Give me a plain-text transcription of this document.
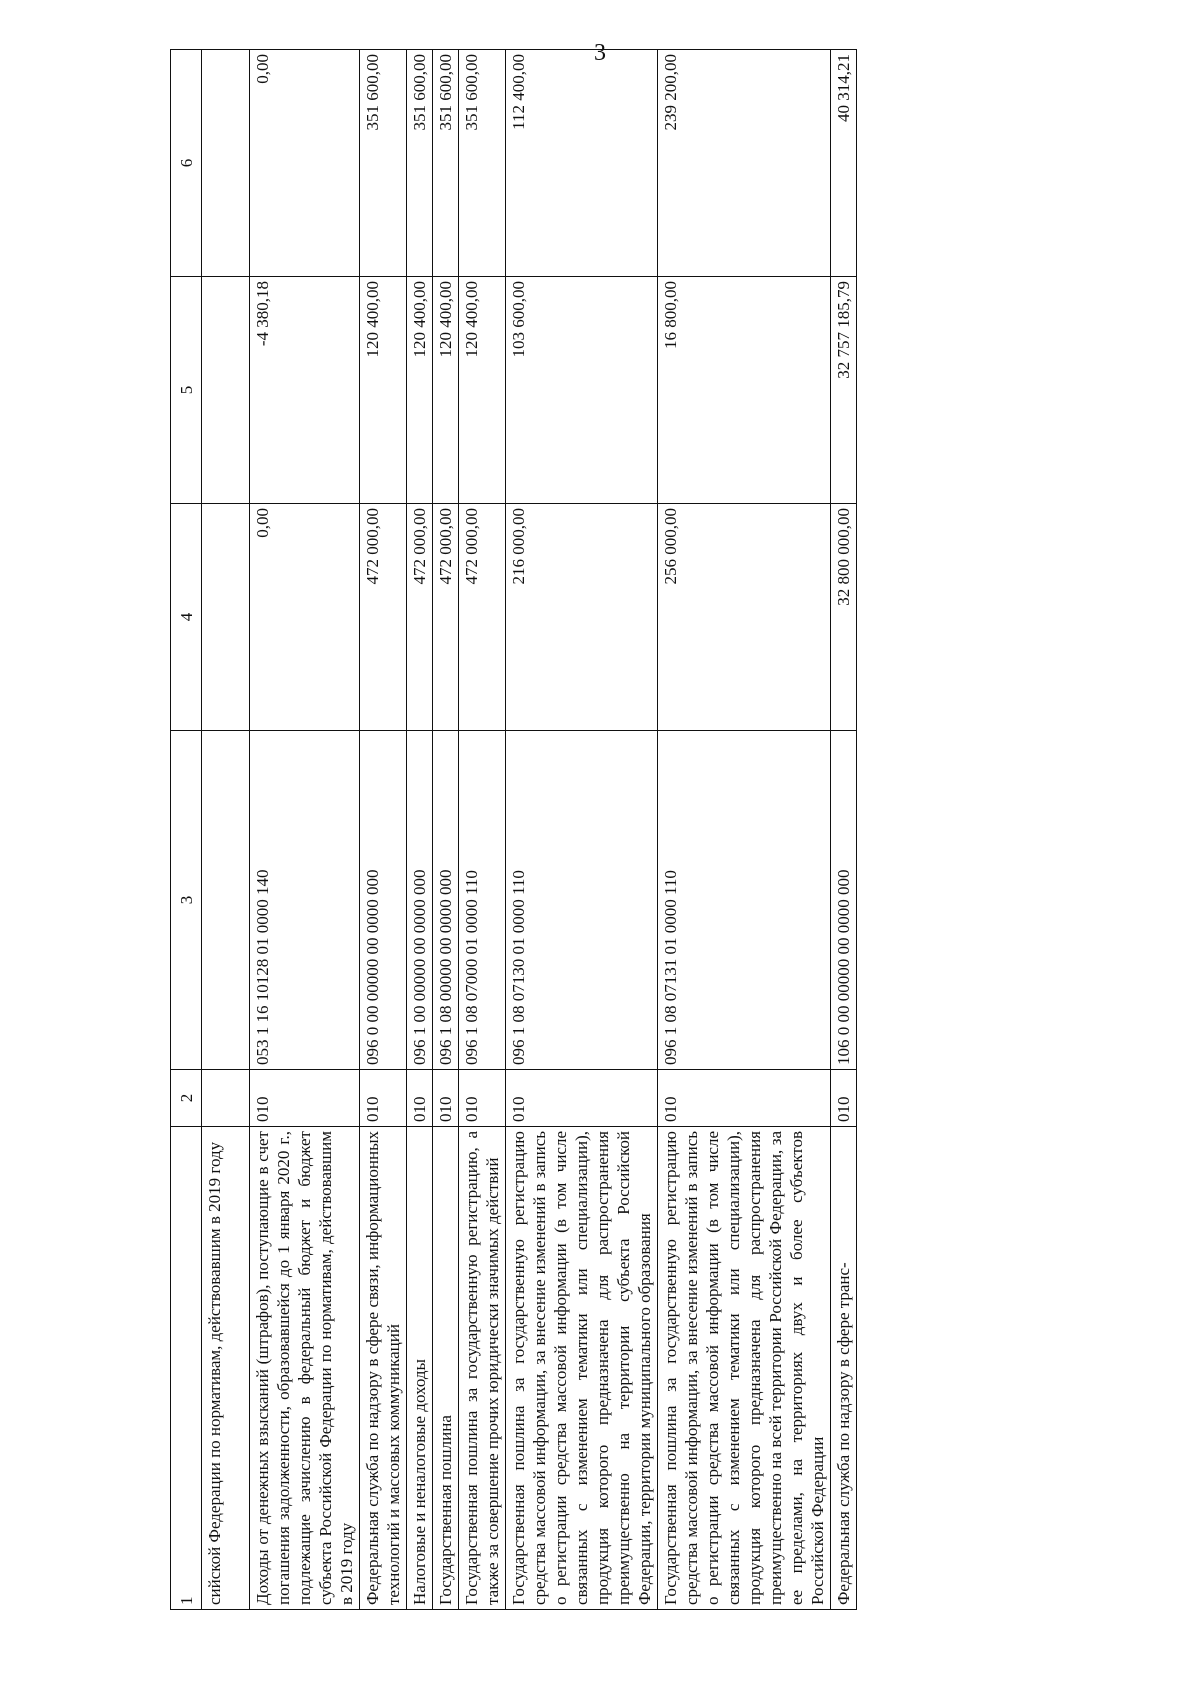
3
1	2	3	4	5	6
сийской Федерации по нормативам, действовавшим в 2019 году					
Доходы от денежных взысканий (штрафов), поступающие в счет погашения задолженности, образовавшейся до 1 января 2020 г., подлежащие зачислению в федеральный бюджет и бюджет субъекта Российской Федерации по нормативам, действовавшим в 2019 году	010	053 1 16 10128 01 0000 140	0,00	-4 380,18	0,00
Федеральная служба по надзору в сфере связи, информационных технологий и массовых коммуникаций	010	096 0 00 00000 00 0000 000	472 000,00	120 400,00	351 600,00
Налоговые и неналоговые доходы	010	096 1 00 00000 00 0000 000	472 000,00	120 400,00	351 600,00
Государственная пошлина	010	096 1 08 00000 00 0000 000	472 000,00	120 400,00	351 600,00
Государственная пошлина за государственную регистрацию, а также за совершение прочих юридически значимых действий	010	096 1 08 07000 01 0000 110	472 000,00	120 400,00	351 600,00
Государственная пошлина за государственную регистрацию средства массовой информации, за внесение изменений в запись о регистрации средства массовой информации (в том числе связанных с изменением тематики или специализации), продукция которого предназначена для распространения преимущественно на территории субъекта Российской Федерации, территории муниципального образования	010	096 1 08 07130 01 0000 110	216 000,00	103 600,00	112 400,00
Государственная пошлина за государственную регистрацию средства массовой информации, за внесение изменений в запись о регистрации средства массовой информации (в том числе связанных с изменением тематики или специализации), продукция которого предназначена для распространения преимущественно на всей территории Российской Федерации, за ее пределами, на территориях двух и более субъектов Российской Федерации	010	096 1 08 07131 01 0000 110	256 000,00	16 800,00	239 200,00
Федеральная служба по надзору в сфере транс-	010	106 0 00 00000 00 0000 000	32 800 000,00	32 757 185,79	40 314,21
